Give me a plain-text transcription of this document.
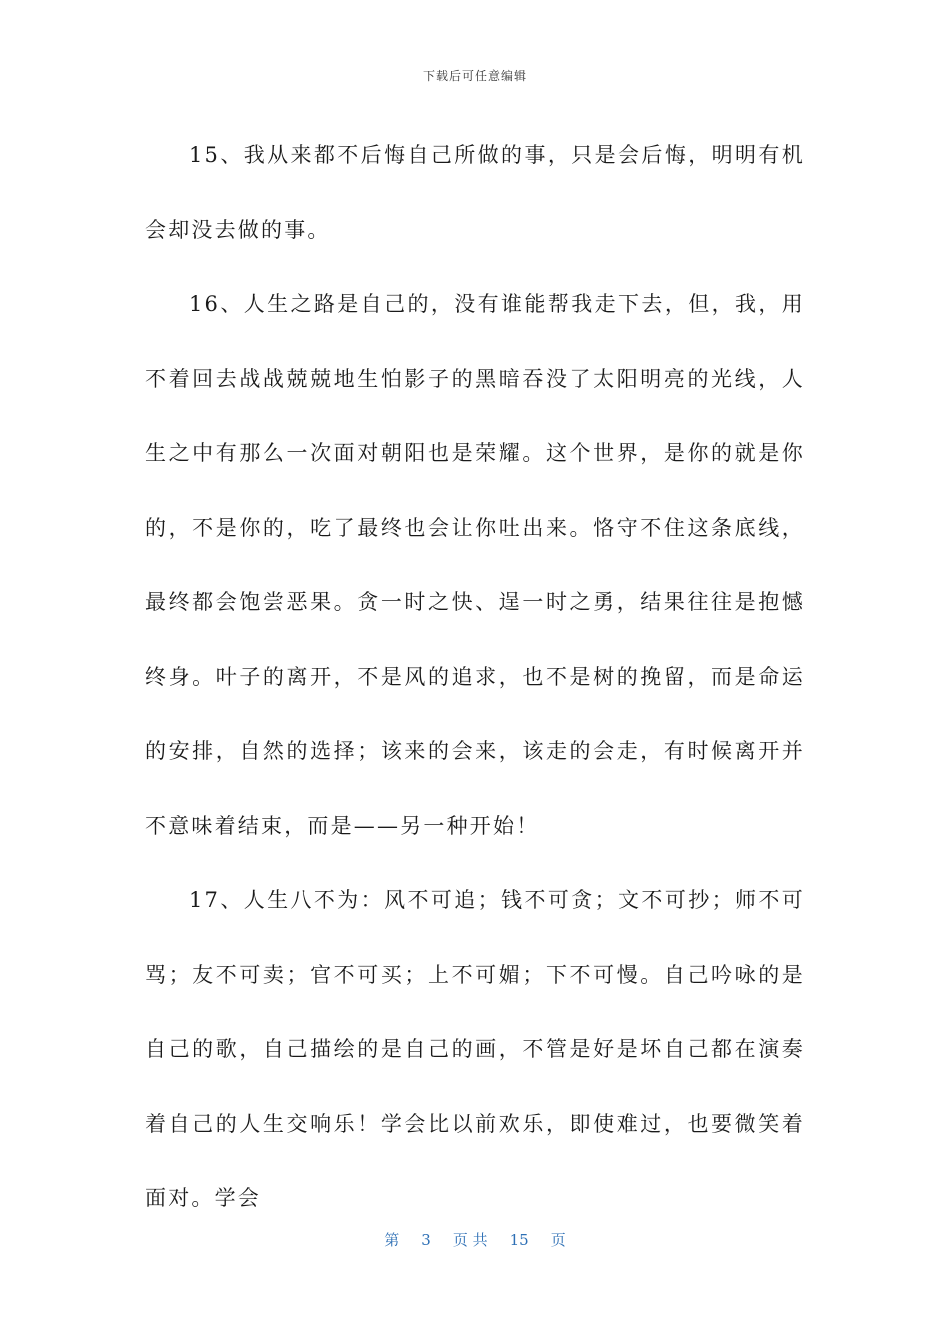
下载后可任意编辑

15、我从来都不后悔自己所做的事，只是会后悔，明明有机会却没去做的事。

16、人生之路是自己的，没有谁能帮我走下去，但，我，用不着回去战战兢兢地生怕影子的黑暗吞没了太阳明亮的光线，人生之中有那么一次面对朝阳也是荣耀。这个世界，是你的就是你的，不是你的，吃了最终也会让你吐出来。恪守不住这条底线，最终都会饱尝恶果。贪一时之快、逞一时之勇，结果往往是抱憾终身。叶子的离开，不是风的追求，也不是树的挽留，而是命运的安排，自然的选择；该来的会来，该走的会走，有时候离开并不意味着结束，而是——另一种开始！

17、人生八不为：风不可追；钱不可贪；文不可抄；师不可骂；友不可卖；官不可买；上不可媚；下不可慢。自己吟咏的是自己的歌，自己描绘的是自己的画，不管是好是坏自己都在演奏着自己的人生交响乐！学会比以前欢乐，即使难过，也要微笑着面对。学会

第 3 页 共 15 页
